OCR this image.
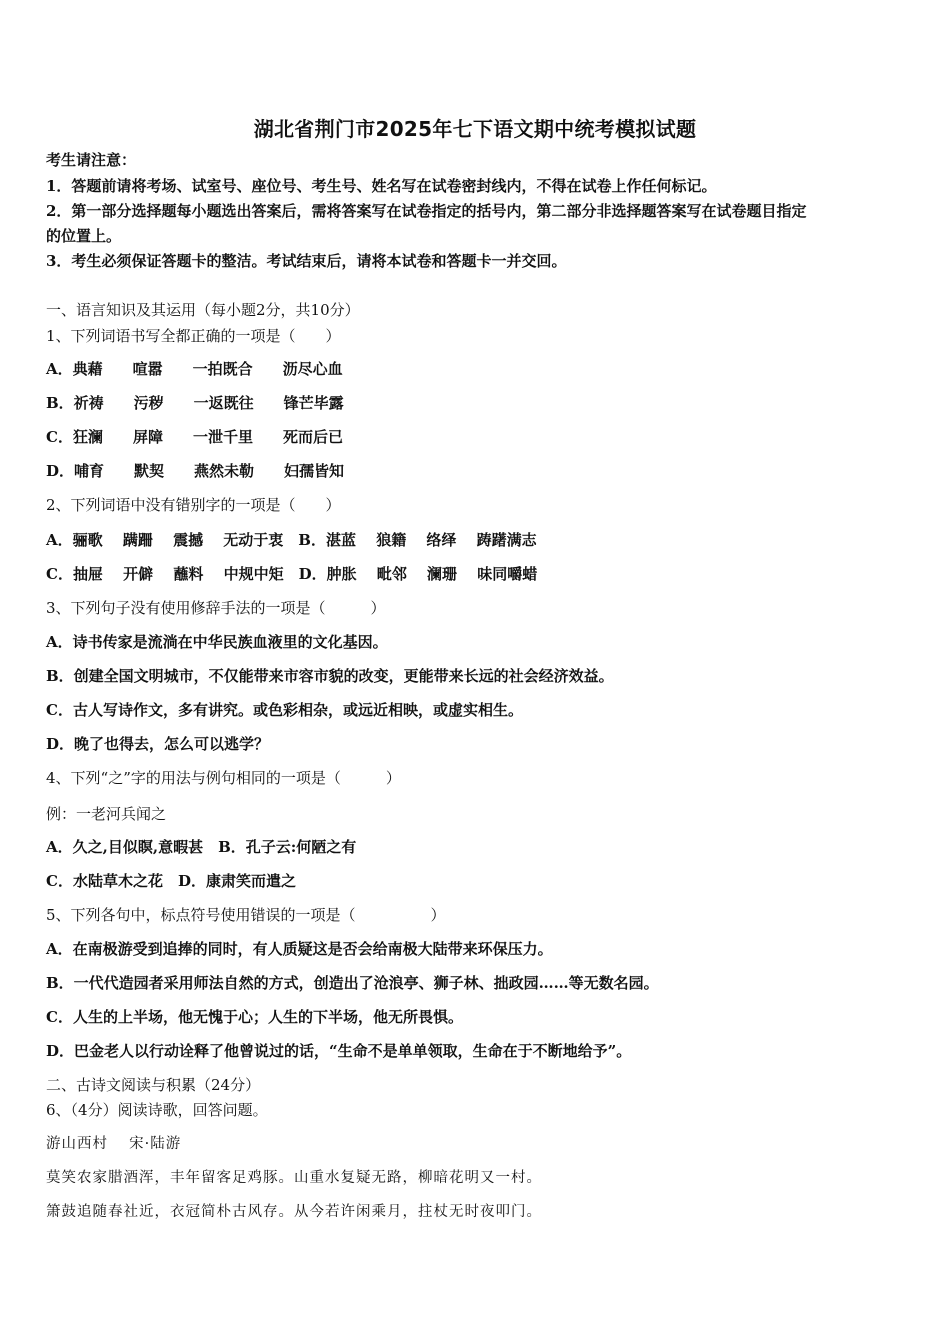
湖北省荆门市2025年七下语文期中统考模拟试题
考生请注意：
1．答题前请将考场、试室号、座位号、考生号、姓名写在试卷密封线内，不得在试卷上作任何标记。
2．第一部分选择题每小题选出答案后，需将答案写在试卷指定的括号内，第二部分非选择题答案写在试卷题目指定
的位置上。
3．考生必须保证答题卡的整洁。考试结束后，请将本试卷和答题卡一并交回。
一、语言知识及其运用（每小题2分，共10分）
1、下列词语书写全都正确的一项是（　　）
A．典藉　　喧嚣　　一拍既合　　沥尽心血
B．祈祷　　污秽　　一返既往　　锋芒毕露
C．狂澜　　屏障　　一泄千里　　死而后已
D．哺育　　默契　　燕然未勒　　妇孺皆知
2、下列词语中没有错别字的一项是（　　）
A．骊歌　 蹒跚　 震撼　 无动于衷　B．湛蓝　 狼籍　 络绎　 踌躇满志
C．抽屉　 开僻　 蘸料　 中规中矩　D．肿胀　 毗邻　 澜珊　 味同嚼蜡
3、下列句子没有使用修辞手法的一项是（　　　）
A．诗书传家是流淌在中华民族血液里的文化基因。
B．创建全国文明城市，不仅能带来市容市貌的改变，更能带来长远的社会经济效益。
C．古人写诗作文，多有讲究。或色彩相杂，或远近相映，或虚实相生。
D．晚了也得去，怎么可以逃学？
4、下列“之”字的用法与例句相同的一项是（　　　）
例：一老河兵闻之
A．久之,目似瞑,意暇甚　B．孔子云:何陋之有
C．水陆草木之花　D．康肃笑而遣之
5、下列各句中，标点符号使用错误的一项是（　　　　　）
A．在南极游受到追捧的同时，有人质疑这是否会给南极大陆带来环保压力。
B．一代代造园者采用师法自然的方式，创造出了沧浪亭、狮子林、拙政园……等无数名园。
C．人生的上半场，他无愧于心；人生的下半场，他无所畏惧。
D．巴金老人以行动诠释了他曾说过的话，“生命不是单单领取，生命在于不断地给予”。
二、古诗文阅读与积累（24分）
6、（4分）阅读诗歌，回答问题。
游山西村　 宋·陆游
莫笑农家腊酒浑，丰年留客足鸡豚。山重水复疑无路，柳暗花明又一村。
箫鼓追随春社近，衣冠简朴古风存。从今若许闲乘月，拄杖无时夜叩门。
